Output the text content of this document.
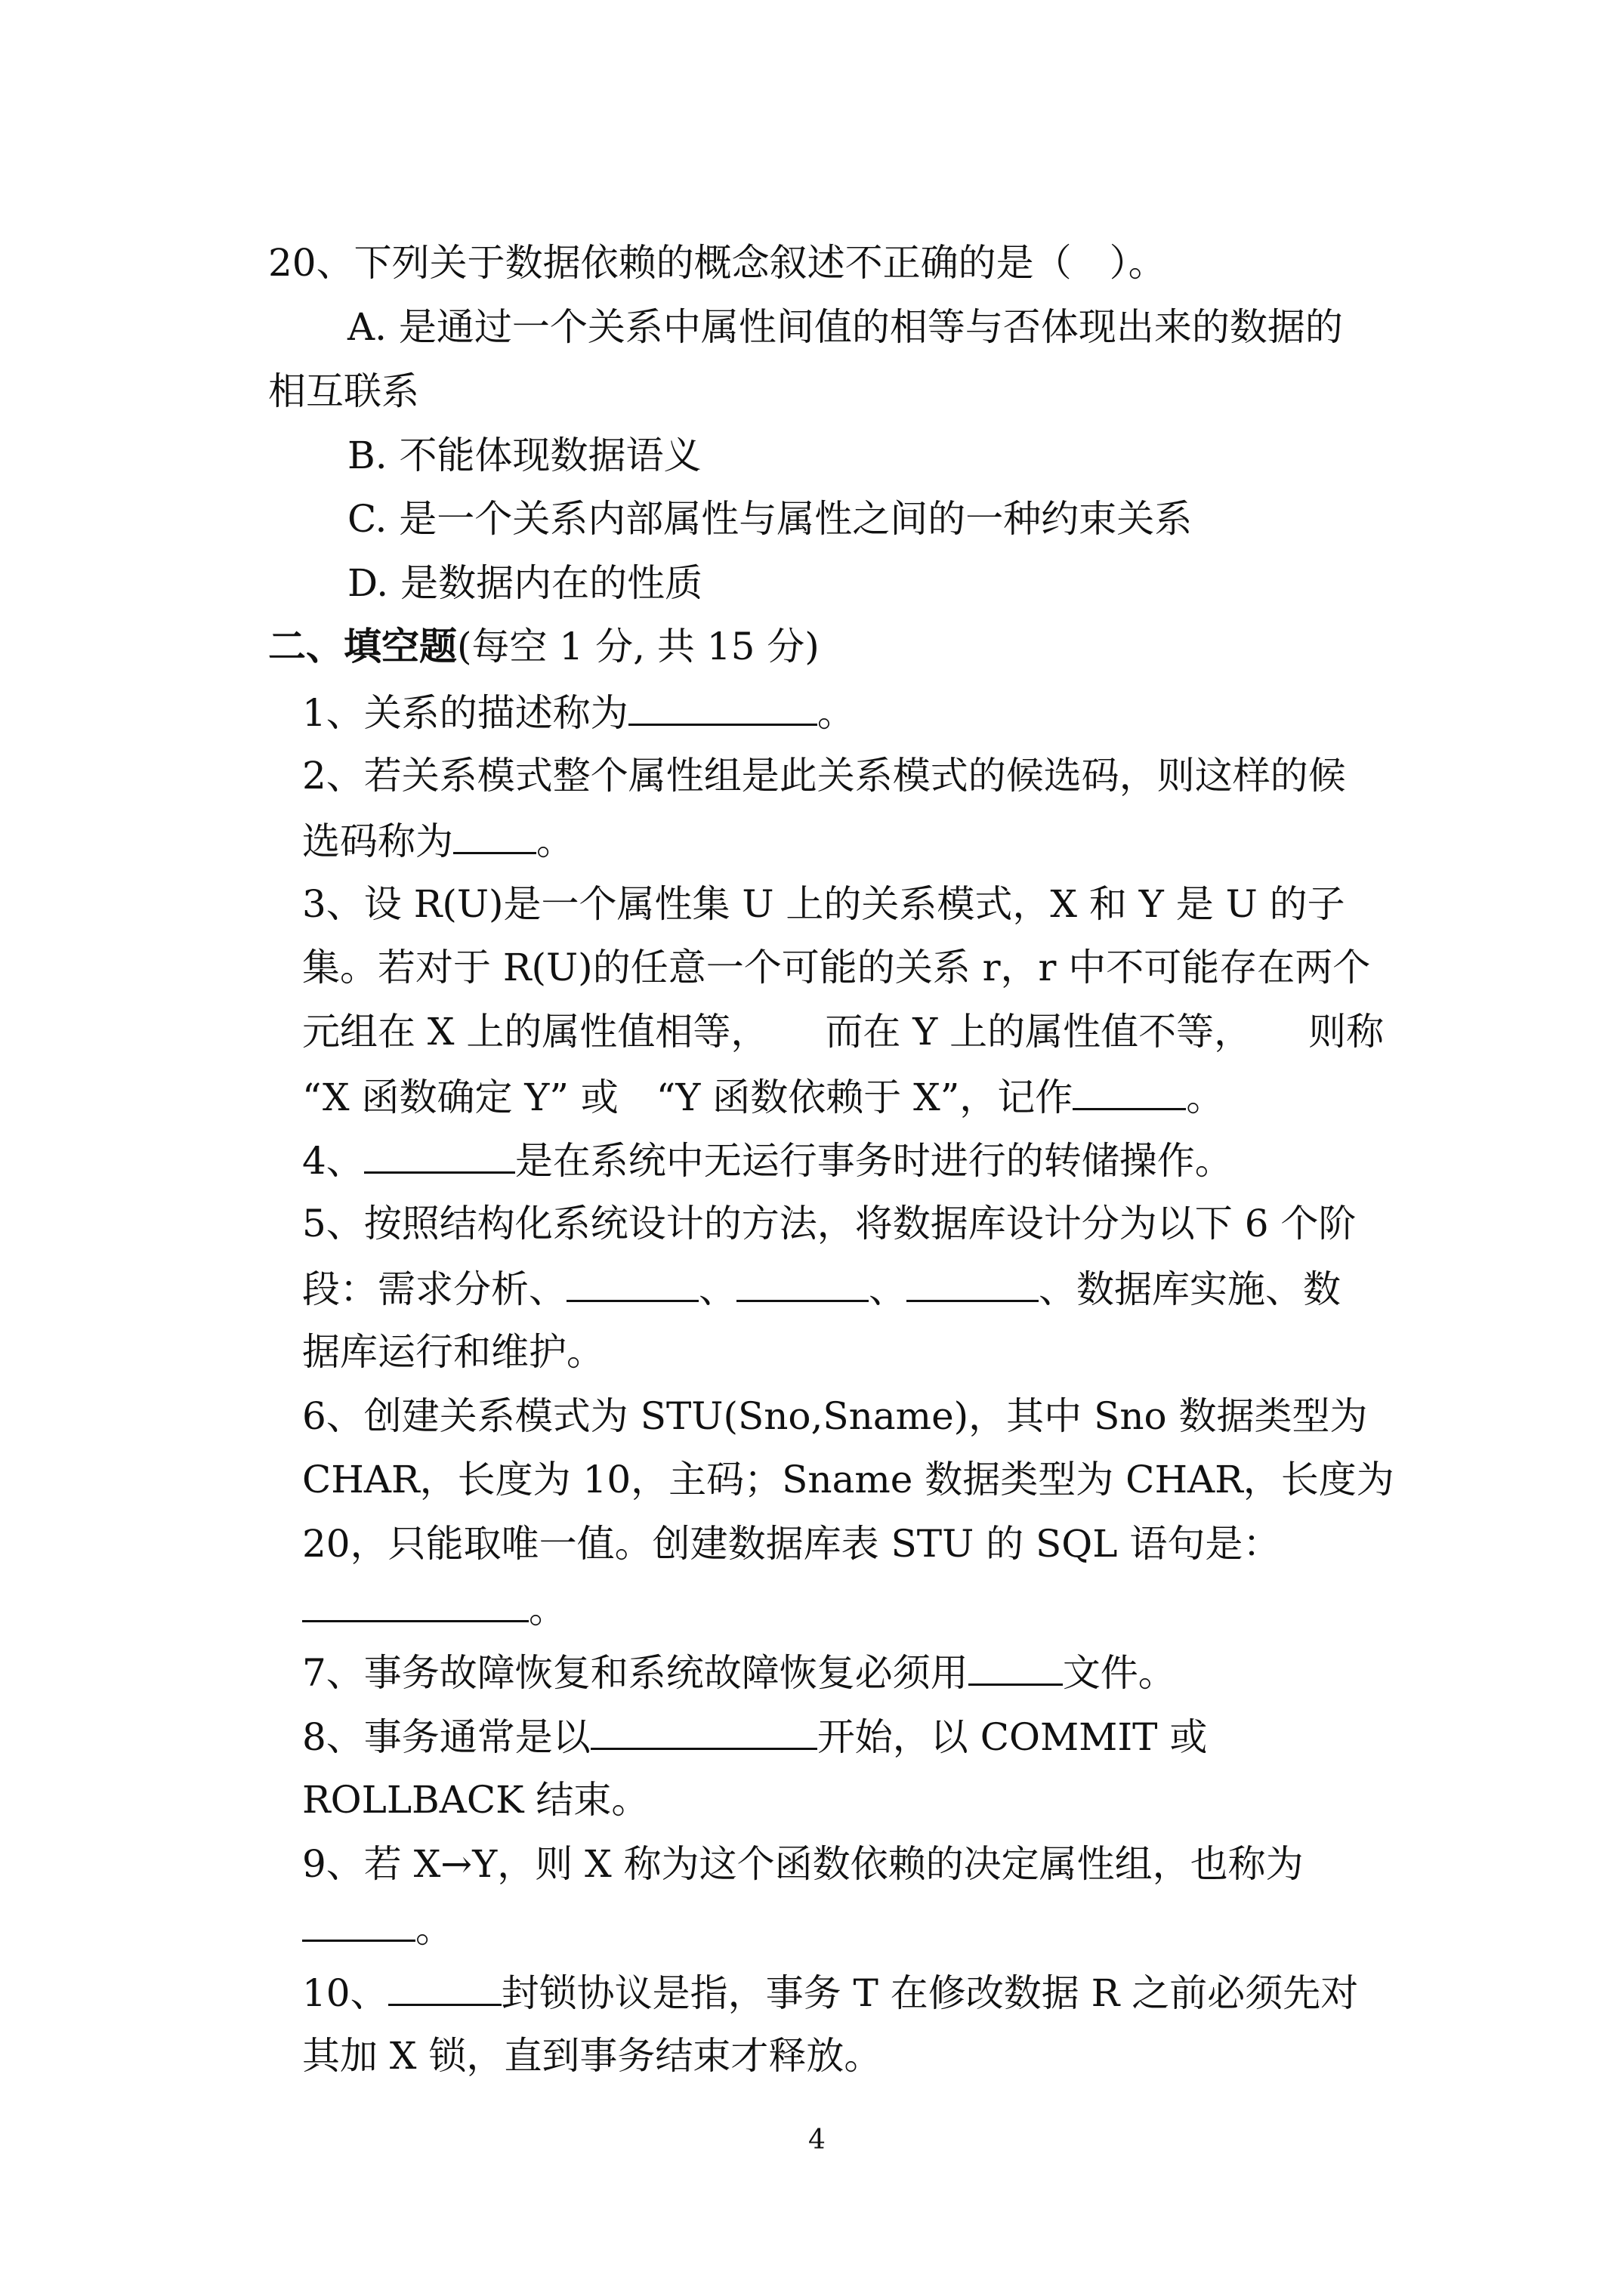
20、下列关于数据依赖的概念叙述不正确的是（　）。
A. 是通过一个关系中属性间值的相等与否体现出来的数据的
相互联系
B. 不能体现数据语义
C. 是一个关系内部属性与属性之间的一种约束关系
D. 是数据内在的性质
二、填空题(每空 1 分, 共 15 分)
1、关系的描述称为	。
2、若关系模式整个属性组是此关系模式的候选码，则这样的候
选码称为 。
3、设 R(U)是一个属性集 U 上的关系模式，X 和 Y 是 U 的子
集。若对于 R(U)的任意一个可能的关系 r，r 中不可能存在两个
元组在 X 上的属性值相等，　　而在 Y 上的属性值不等，　　则称
“X 函数确定 Y” 或　“Y 函数依赖于 X”，记作	。
4、	是在系统中无运行事务时进行的转储操作。
5、按照结构化系统设计的方法，将数据库设计分为以下 6 个阶
段：需求分析、	、	、	、数据库实施、数
据库运行和维护。
6、创建关系模式为 STU(Sno,Sname)，其中 Sno 数据类型为
CHAR，长度为 10，主码；Sname 数据类型为 CHAR，长度为
20，只能取唯一值。创建数据库表 STU 的 SQL 语句是：
。
7、事务故障恢复和系统故障恢复必须用	文件。
8、事务通常是以	开始，以 COMMIT 或
ROLLBACK 结束。
9、若 X→Y，则 X 称为这个函数依赖的决定属性组，也称为
。
10、	封锁协议是指，事务 T 在修改数据 R 之前必须先对
其加 X 锁，直到事务结束才释放。
4
